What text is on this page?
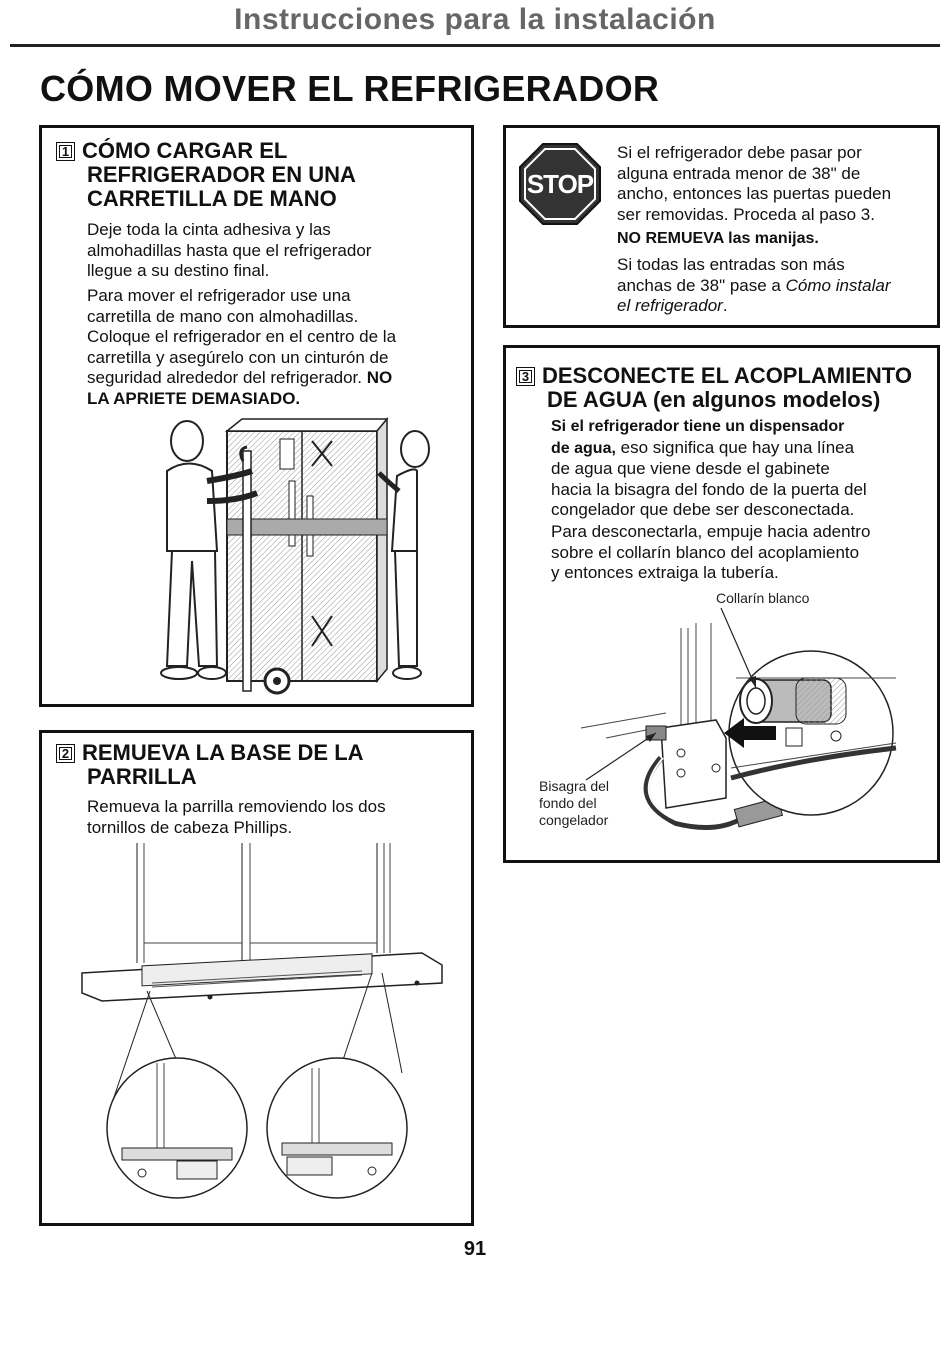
Instrucciones para la instalación
CÓMO MOVER EL REFRIGERADOR
1 CÓMO CARGAR EL
REFRIGERADOR EN UNA
CARRETILLA DE MANO
Deje toda la cinta adhesiva y las
almohadillas hasta que el refrigerador
llegue a su destino final.
Para mover el refrigerador use una
carretilla de mano con almohadillas.
Coloque el refrigerador en el centro de la
carretilla y asegúrelo con un cinturón de
seguridad alrededor del refrigerador. NO
LA APRIETE DEMASIADO.
2 REMUEVA LA BASE DE LA
PARRILLA
Remueva la parrilla removiendo los dos
tornillos de cabeza Phillips.
STOP
Si el refrigerador debe pasar por
alguna entrada menor de 38" de
ancho, entonces las puertas pueden
ser removidas. Proceda al paso 3.
NO REMUEVA las manijas.
Si todas las entradas son más
anchas de 38" pase a Cómo instalar
el refrigerador.
3 DESCONECTE EL ACOPLAMIENTO
DE AGUA (en algunos modelos)
Si el refrigerador tiene un dispensador
de agua, eso significa que hay una línea
de agua que viene desde el gabinete
hacia la bisagra del fondo de la puerta del
congelador que debe ser desconectada.
Para desconectarla, empuje hacia adentro
sobre el collarín blanco del acoplamiento
y entonces extraiga la tubería.
Collarín blanco
Bisagra del
fondo del
congelador
91
